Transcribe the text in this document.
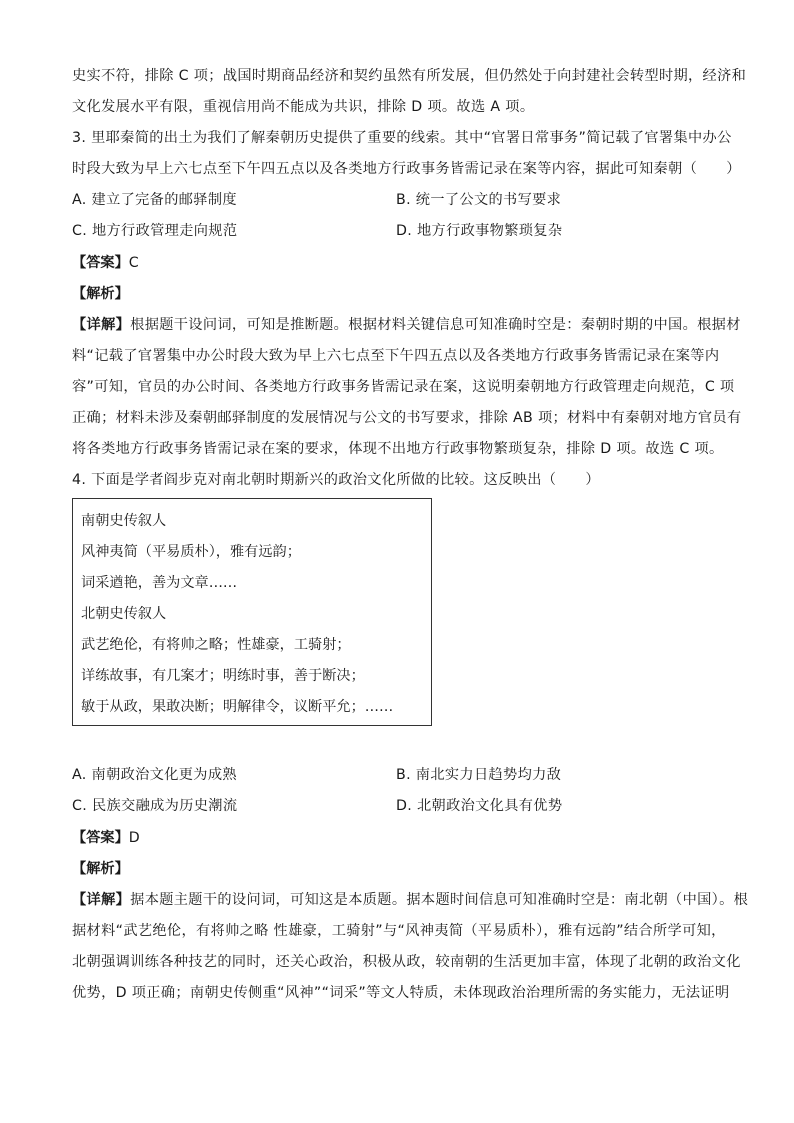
史实不符，排除 C 项；战国时期商品经济和契约虽然有所发展，但仍然处于向封建社会转型时期，经济和
文化发展水平有限，重视信用尚不能成为共识，排除 D 项。故选 A 项。
3. 里耶秦简的出土为我们了解秦朝历史提供了重要的线索。其中“官署日常事务”简记载了官署集中办公
时段大致为早上六七点至下午四五点以及各类地方行政事务皆需记录在案等内容，据此可知秦朝（　　）
A. 建立了完备的邮驿制度	B. 统一了公文的书写要求
C. 地方行政管理走向规范	D. 地方行政事物繁琐复杂
【答案】C
【解析】
【详解】根据题干设问词，可知是推断题。根据材料关键信息可知准确时空是：秦朝时期的中国。根据材
料“记载了官署集中办公时段大致为早上六七点至下午四五点以及各类地方行政事务皆需记录在案等内
容”可知，官员的办公时间、各类地方行政事务皆需记录在案，这说明秦朝地方行政管理走向规范，C 项
正确；材料未涉及秦朝邮驿制度的发展情况与公文的书写要求，排除 AB 项；材料中有秦朝对地方官员有
将各类地方行政事务皆需记录在案的要求，体现不出地方行政事物繁琐复杂，排除 D 项。故选 C 项。
4. 下面是学者阎步克对南北朝时期新兴的政治文化所做的比较。这反映出（　　）
南朝史传叙人
风神夷简（平易质朴），雅有远韵；
词采遒艳，善为文章……
北朝史传叙人
武艺绝伦，有将帅之略；性雄豪，工骑射；
详练故事，有几案才；明练时事，善于断决；
敏于从政，果敢决断；明解律令，议断平允；……
A. 南朝政治文化更为成熟	B. 南北实力日趋势均力敌
C. 民族交融成为历史潮流	D. 北朝政治文化具有优势
【答案】D
【解析】
【详解】据本题主题干的设问词，可知这是本质题。据本题时间信息可知准确时空是：南北朝（中国）。根
据材料“武艺绝伦，有将帅之略 性雄豪，工骑射”与“风神夷简（平易质朴），雅有远韵”结合所学可知，
北朝强调训练各种技艺的同时，还关心政治，积极从政，较南朝的生活更加丰富，体现了北朝的政治文化
优势，D 项正确；南朝史传侧重“风神”“词采”等文人特质，未体现政治治理所需的务实能力，无法证明
